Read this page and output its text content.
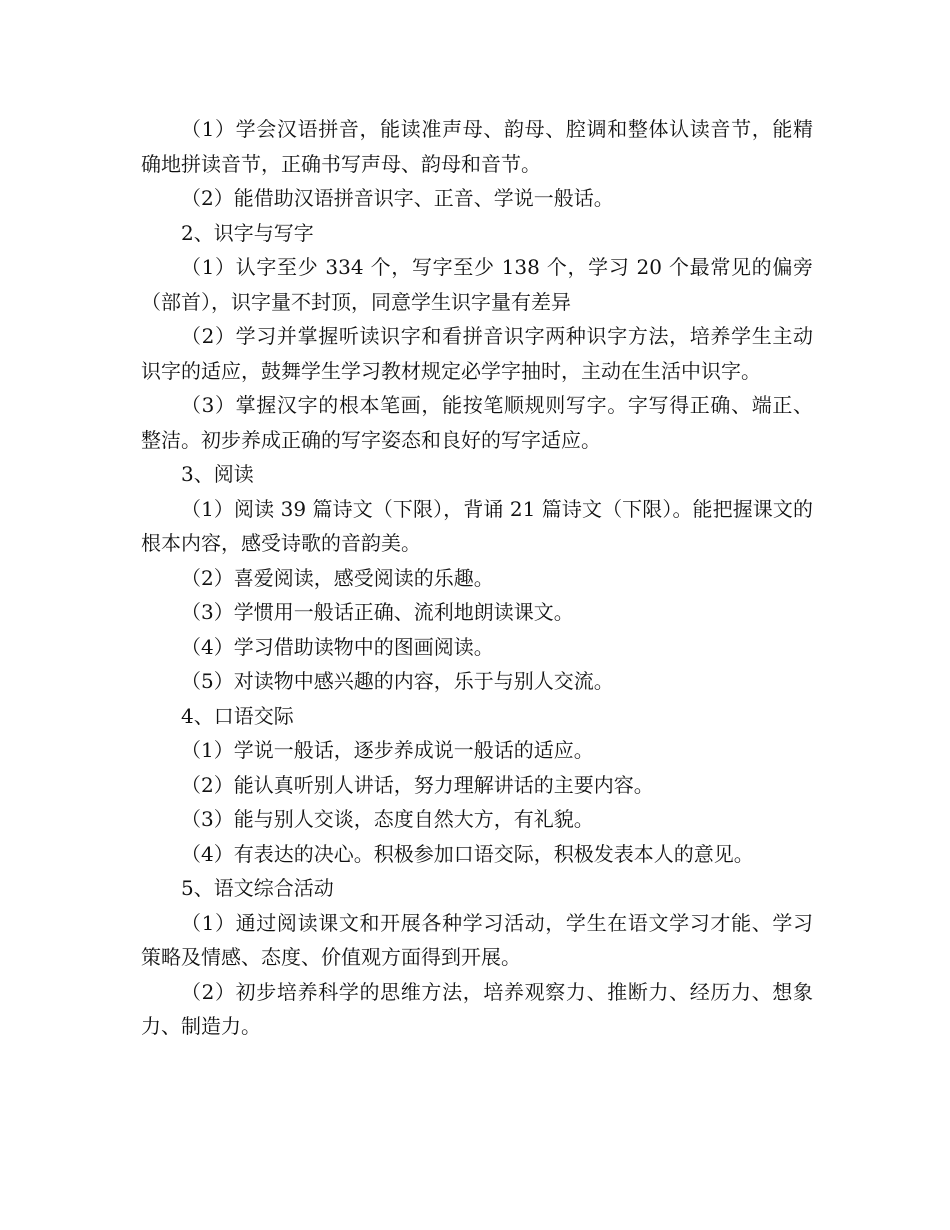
（1）学会汉语拼音，能读准声母、韵母、腔调和整体认读音节，能精确地拼读音节，正确书写声母、韵母和音节。

（2）能借助汉语拼音识字、正音、学说一般话。

2、识字与写字

（1）认字至少 334 个，写字至少 138 个，学习 20 个最常见的偏旁（部首），识字量不封顶，同意学生识字量有差异

（2）学习并掌握听读识字和看拼音识字两种识字方法，培养学生主动识字的适应，鼓舞学生学习教材规定必学字抽时，主动在生活中识字。

（3）掌握汉字的根本笔画，能按笔顺规则写字。字写得正确、端正、整洁。初步养成正确的写字姿态和良好的写字适应。

3、阅读

（1）阅读 39 篇诗文（下限），背诵 21 篇诗文（下限）。能把握课文的根本内容，感受诗歌的音韵美。

（2）喜爱阅读，感受阅读的乐趣。

（3）学惯用一般话正确、流利地朗读课文。

（4）学习借助读物中的图画阅读。

（5）对读物中感兴趣的内容，乐于与别人交流。

4、口语交际

（1）学说一般话，逐步养成说一般话的适应。

（2）能认真听别人讲话，努力理解讲话的主要内容。

（3）能与别人交谈，态度自然大方，有礼貌。

（4）有表达的决心。积极参加口语交际，积极发表本人的意见。

5、语文综合活动

（1）通过阅读课文和开展各种学习活动，学生在语文学习才能、学习策略及情感、态度、价值观方面得到开展。

（2）初步培养科学的思维方法，培养观察力、推断力、经历力、想象力、制造力。
